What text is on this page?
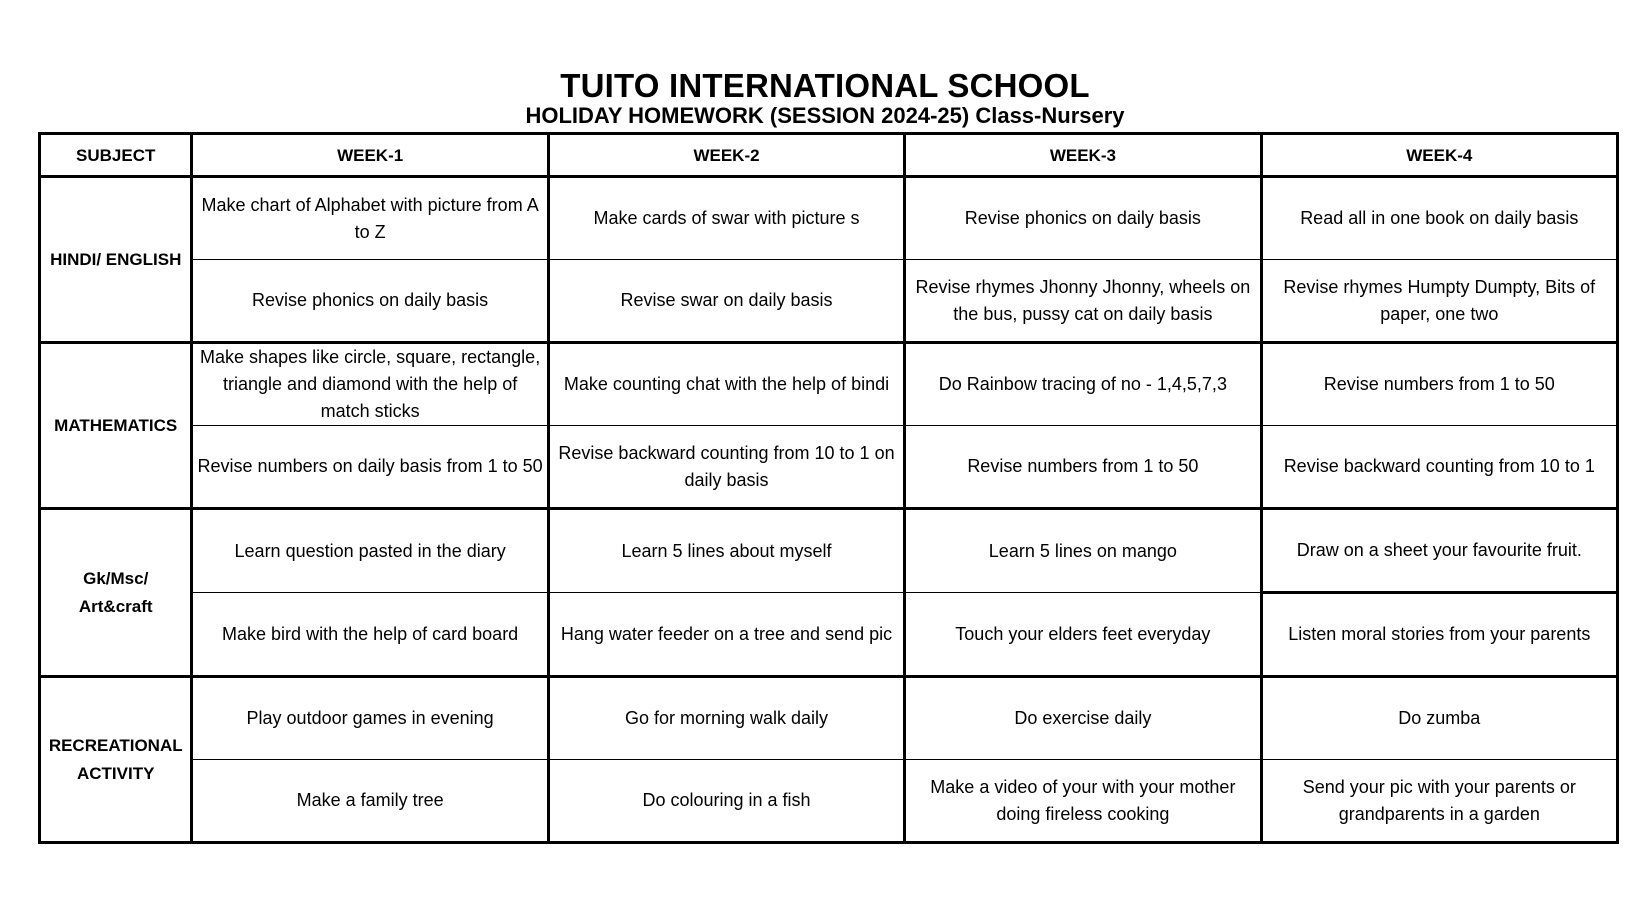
TUITO INTERNATIONAL SCHOOL
HOLIDAY HOMEWORK (SESSION 2024-25) Class-Nursery
SUBJECT	WEEK-1	WEEK-2	WEEK-3	WEEK-4
HINDI/ ENGLISH	Make chart of Alphabet with picture from A to Z	Make cards of swar with picture s	Revise phonics on daily basis	Read all in one book on daily basis
	Revise phonics on daily basis	Revise swar on daily basis	Revise rhymes Jhonny Jhonny, wheels on the bus, pussy cat on daily basis	Revise rhymes Humpty Dumpty, Bits of paper, one two
MATHEMATICS	Make shapes like circle, square, rectangle, triangle and diamond with the help of match sticks	Make counting chat with the help of bindi	Do Rainbow tracing of no - 1,4,5,7,3	Revise numbers from 1 to 50
	Revise numbers on daily basis from 1 to 50	Revise backward counting from 10 to 1 on daily basis	Revise numbers from 1 to 50	Revise backward counting from 10 to 1
Gk/Msc/ Art&craft	Learn question pasted in the diary	Learn 5 lines about myself	Learn 5 lines on mango	Draw on a sheet your favourite fruit.
	Make bird with the help of card board	Hang water feeder on a tree and send pic	Touch your elders feet everyday	Listen moral stories from your parents
RECREATIONAL ACTIVITY	Play outdoor games in evening	Go for morning walk daily	Do exercise daily	Do zumba
	Make a family tree	Do colouring in a fish	Make a video of your with your mother doing fireless cooking	Send your pic with your parents or grandparents in a garden
